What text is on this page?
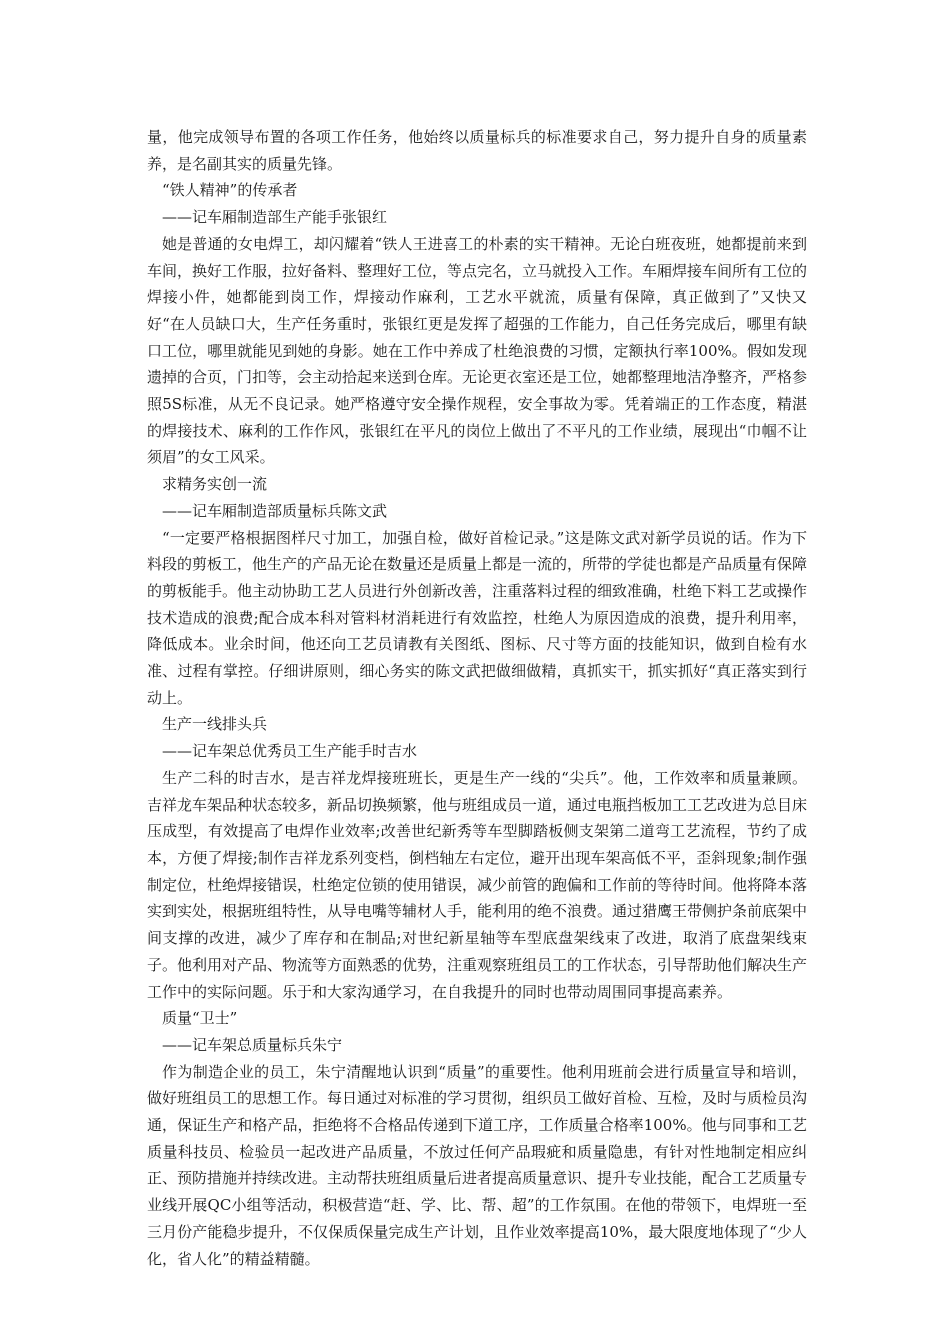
量，他完成领导布置的各项工作任务，他始终以质量标兵的标准要求自己，努力提升自身的质量素养，是名副其实的质量先锋。

“铁人精神”的传承者

——记车厢制造部生产能手张银红

她是普通的女电焊工，却闪耀着“铁人王进喜工的朴素的实干精神。无论白班夜班，她都提前来到车间，换好工作服，拉好备料、整理好工位，等点完名，立马就投入工作。车厢焊接车间所有工位的焊接小件，她都能到岗工作，焊接动作麻利，工艺水平就流，质量有保障，真正做到了”又快又好“在人员缺口大，生产任务重时，张银红更是发挥了超强的工作能力，自己任务完成后，哪里有缺口工位，哪里就能见到她的身影。她在工作中养成了杜绝浪费的习惯，定额执行率100%。假如发现遗掉的合页，门扣等，会主动拾起来送到仓库。无论更衣室还是工位，她都整理地洁净整齐，严格参照5S标准，从无不良记录。她严格遵守安全操作规程，安全事故为零。凭着端正的工作态度，精湛的焊接技术、麻利的工作作风，张银红在平凡的岗位上做出了不平凡的工作业绩，展现出“巾帼不让须眉”的女工风采。

求精务实创一流

——记车厢制造部质量标兵陈文武

“一定要严格根据图样尺寸加工，加强自检，做好首检记录。”这是陈文武对新学员说的话。作为下料段的剪板工，他生产的产品无论在数量还是质量上都是一流的，所带的学徒也都是产品质量有保障的剪板能手。他主动协助工艺人员进行外创新改善，注重落料过程的细致准确，杜绝下料工艺或操作技术造成的浪费;配合成本科对管料材消耗进行有效监控，杜绝人为原因造成的浪费，提升利用率，降低成本。业余时间，他还向工艺员请教有关图纸、图标、尺寸等方面的技能知识，做到自检有水准、过程有掌控。仔细讲原则，细心务实的陈文武把做细做精，真抓实干，抓实抓好“真正落实到行动上。

生产一线排头兵

——记车架总优秀员工生产能手时吉水

生产二科的时吉水，是吉祥龙焊接班班长，更是生产一线的“尖兵”。他，工作效率和质量兼顾。吉祥龙车架品种状态较多，新品切换频繁，他与班组成员一道，通过电瓶挡板加工工艺改进为总目床压成型，有效提高了电焊作业效率;改善世纪新秀等车型脚踏板侧支架第二道弯工艺流程，节约了成本，方便了焊接;制作吉祥龙系列变档，倒档轴左右定位，避开出现车架高低不平，歪斜现象;制作强制定位，杜绝焊接错误，杜绝定位锁的使用错误，减少前管的跑偏和工作前的等待时间。他将降本落实到实处，根据班组特性，从导电嘴等辅材人手，能利用的绝不浪费。通过猎鹰王带侧护条前底架中间支撑的改进，减少了库存和在制品;对世纪新星轴等车型底盘架线束了改进，取消了底盘架线束子。他利用对产品、物流等方面熟悉的优势，注重观察班组员工的工作状态，引导帮助他们解决生产工作中的实际问题。乐于和大家沟通学习，在自我提升的同时也带动周围同事提高素养。

质量“卫士”

——记车架总质量标兵朱宁

作为制造企业的员工，朱宁清醒地认识到“质量”的重要性。他利用班前会进行质量宣导和培训，做好班组员工的思想工作。每日通过对标准的学习贯彻，组织员工做好首检、互检，及时与质检员沟通，保证生产和格产品，拒绝将不合格品传递到下道工序，工作质量合格率100%。他与同事和工艺质量科技员、检验员一起改进产品质量，不放过任何产品瑕疵和质量隐患，有针对性地制定相应纠正、预防措施并持续改进。主动帮扶班组质量后进者提高质量意识、提升专业技能，配合工艺质量专业线开展QC小组等活动，积极营造“赶、学、比、帮、超”的工作氛围。在他的带领下，电焊班一至三月份产能稳步提升，不仅保质保量完成生产计划，且作业效率提高10%，最大限度地体现了“少人化，省人化”的精益精髓。
